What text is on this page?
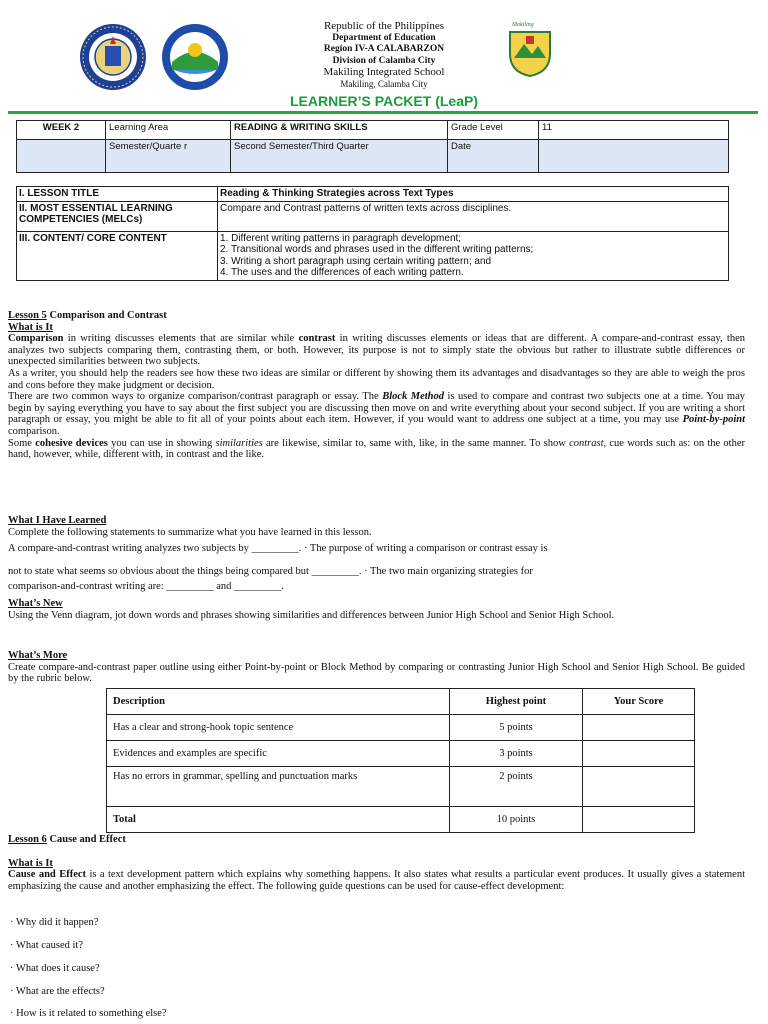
Makiling
Republic of the Philippines
Department of Education
Region IV-A CALABARZON
Division of Calamba City
Makiling Integrated School
Makiling, Calamba City
LEARNER’S PACKET (LeaP)
WEEK 2	Learning Area	READING & WRITING SKILLS	Grade Level	11
	Semester/Quarte r	Second Semester/Third Quarter	Date	
I. LESSON TITLE	Reading & Thinking Strategies across Text Types
II. MOST ESSENTIAL LEARNING COMPETENCIES (MELCs)	Compare and Contrast patterns of written texts across disciplines.
III. CONTENT/ CORE CONTENT	1. Different writing patterns in paragraph development;
2. Transitional words and phrases used in the different writing patterns;
3. Writing a short paragraph using certain writing pattern; and
4. The uses and the differences of each writing pattern.
Lesson 5 Comparison and Contrast
What is It
Comparison in writing discusses elements that are similar while contrast in writing discusses elements or ideas that are different. A compare-and-contrast essay, then analyzes two subjects comparing them, contrasting them, or both. However, its purpose is not to simply state the obvious but rather to illustrate subtle differences or unexpected similarities between two subjects.
As a writer, you should help the readers see how these two ideas are similar or different by showing them its advantages and disadvantages so they are able to weigh the pros and cons before they make judgment or decision.
There are two common ways to organize comparison/contrast paragraph or essay. The Block Method is used to compare and contrast two subjects one at a time. You may begin by saying everything you have to say about the first subject you are discussing then move on and write everything about your second subject. If you are writing a short paragraph or essay, you might be able to fit all of your points about each item. However, if you would want to address one subject at a time, you may use Point-by-point comparison.
Some cohesive devices you can use in showing similarities are likewise, similar to, same with, like, in the same manner. To show contrast, cue words such as: on the other hand, however, while, different with, in contrast and the like.
What I Have Learned
Complete the following statements to summarize what you have learned in this lesson.
A compare-and-contrast writing analyzes two subjects by _________. · The purpose of writing a comparison or contrast essay is
not to state what seems so obvious about the things being compared but _________. · The two main organizing strategies for
comparison-and-contrast writing are: _________ and _________.
What’s New
Using the Venn diagram, jot down words and phrases showing similarities and differences between Junior High School and Senior High School.
What’s More
Create compare-and-contrast paper outline using either Point-by-point or Block Method by comparing or contrasting Junior High School and Senior High School. Be guided by the rubric below.
Description	Highest point	Your Score
Has a clear and strong-hook topic sentence	5 points	
Evidences and examples are specific	3 points	
Has no errors in grammar, spelling and punctuation marks	2 points	
Total	10 points	
Lesson 6 Cause and Effect
What is It
Cause and Effect is a text development pattern which explains why something happens. It also states what results a particular event produces. It usually gives a statement emphasizing the cause and another emphasizing the effect. The following guide questions can be used for cause-effect development:
· Why did it happen?
· What caused it?
· What does it cause?
· What are the effects?
· How is it related to something else?
